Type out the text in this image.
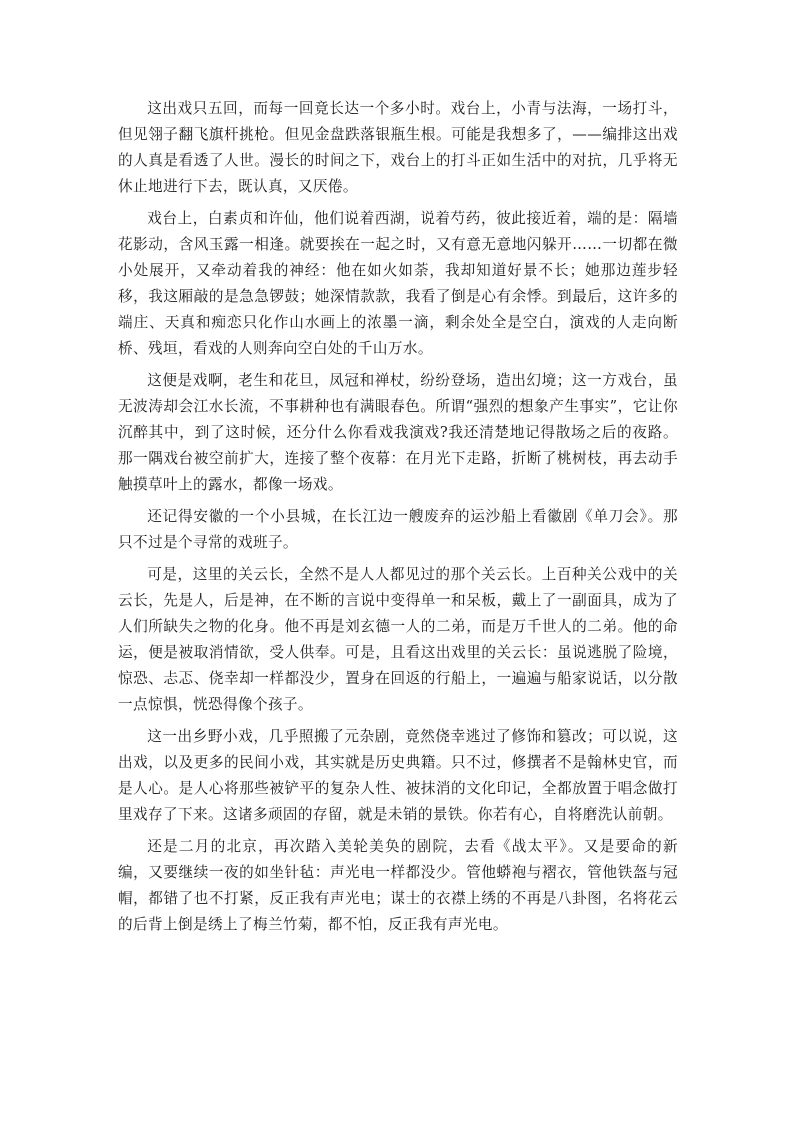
这出戏只五回，而每一回竟长达一个多小时。戏台上，小青与法海，一场打斗，但见翎子翻飞旗杆挑枪。但见金盘跌落银瓶生根。可能是我想多了，——编排这出戏的人真是看透了人世。漫长的时间之下，戏台上的打斗正如生活中的对抗，几乎将无休止地进行下去，既认真，又厌倦。

戏台上，白素贞和许仙，他们说着西湖，说着芍药，彼此接近着，端的是：隔墙花影动，含风玉露一相逢。就要挨在一起之时，又有意无意地闪躲开……一切都在微小处展开，又牵动着我的神经：他在如火如荼，我却知道好景不长；她那边莲步轻移，我这厢敲的是急急锣鼓；她深情款款，我看了倒是心有余悸。到最后，这许多的端庄、天真和痴恋只化作山水画上的浓墨一滴，剩余处全是空白，演戏的人走向断桥、残垣，看戏的人则奔向空白处的千山万水。

这便是戏啊，老生和花旦，凤冠和禅杖，纷纷登场，造出幻境；这一方戏台，虽无波涛却会江水长流，不事耕种也有满眼春色。所谓“强烈的想象产生事实”，它让你沉醉其中，到了这时候，还分什么你看戏我演戏?我还清楚地记得散场之后的夜路。那一隅戏台被空前扩大，连接了整个夜幕：在月光下走路，折断了桃树枝，再去动手触摸草叶上的露水，都像一场戏。

还记得安徽的一个小县城，在长江边一艘废弃的运沙船上看徽剧《单刀会》。那只不过是个寻常的戏班子。

可是，这里的关云长，全然不是人人都见过的那个关云长。上百种关公戏中的关云长，先是人，后是神，在不断的言说中变得单一和呆板，戴上了一副面具，成为了人们所缺失之物的化身。他不再是刘玄德一人的二弟，而是万千世人的二弟。他的命运，便是被取消情欲，受人供奉。可是，且看这出戏里的关云长：虽说逃脱了险境，惊恐、忐忑、侥幸却一样都没少，置身在回返的行船上，一遍遍与船家说话，以分散一点惊惧，恍恐得像个孩子。

这一出乡野小戏，几乎照搬了元杂剧，竟然侥幸逃过了修饰和篡改；可以说，这出戏，以及更多的民间小戏，其实就是历史典籍。只不过，修撰者不是翰林史官，而是人心。是人心将那些被铲平的复杂人性、被抹消的文化印记，全都放置于唱念做打里戏存了下来。这诸多顽固的存留，就是未销的景铁。你若有心，自将磨洗认前朝。

还是二月的北京，再次踏入美轮美奂的剧院，去看《战太平》。又是要命的新编，又要继续一夜的如坐针毡：声光电一样都没少。管他蟒袍与褶衣，管他铁盔与冠帽，都错了也不打紧，反正我有声光电；谋士的衣襟上绣的不再是八卦图，名将花云的后背上倒是绣上了梅兰竹菊，都不怕，反正我有声光电。
